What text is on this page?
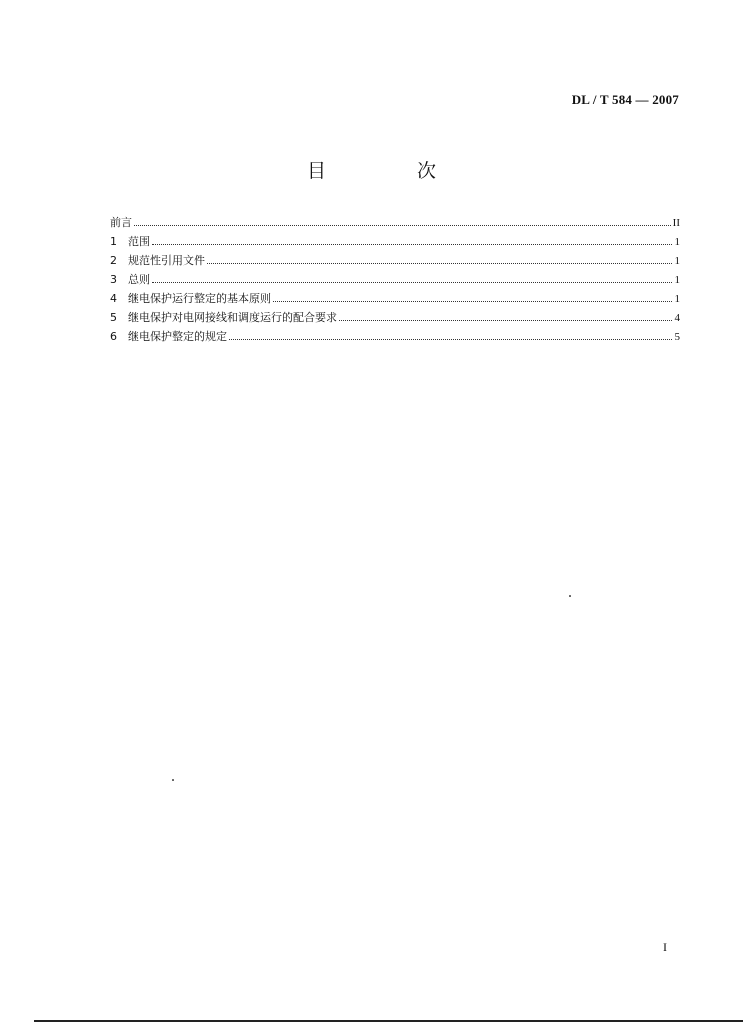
DL / T 584 — 2007
目　次
前言	II
1	范围	1
2	规范性引用文件	1
3	总则	1
4	继电保护运行整定的基本原则	1
5	继电保护对电网接线和调度运行的配合要求	4
6	继电保护整定的规定	5
I
